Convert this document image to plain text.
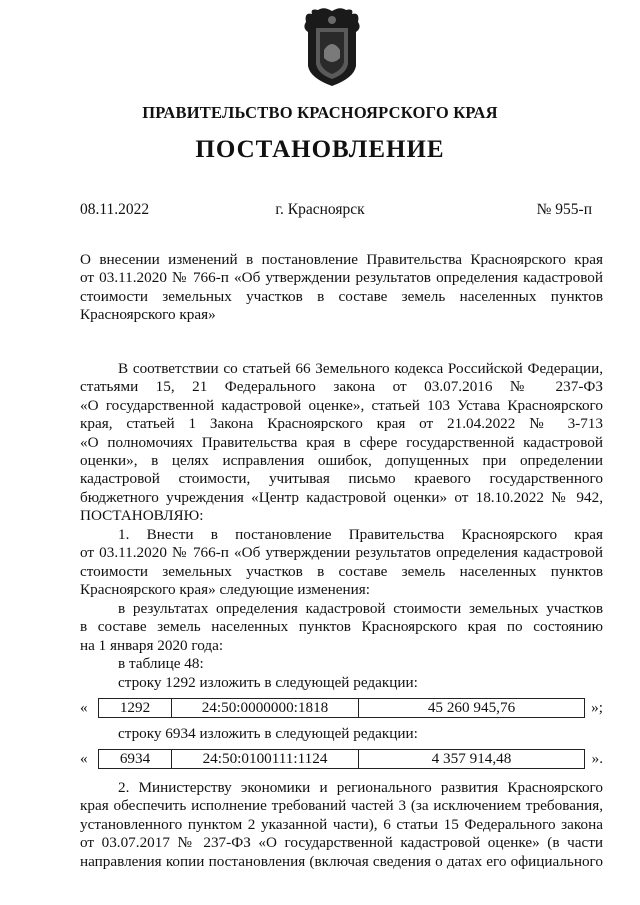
ПРАВИТЕЛЬСТВО КРАСНОЯРСКОГО КРАЯ
ПОСТАНОВЛЕНИЕ
08.11.2022	г. Красноярск	№ 955-п
О внесении изменений в постановление Правительства Красноярского края
от 03.11.2020 № 766-п «Об утверждении результатов определения кадастровой
стоимости земельных участков в составе земель населенных пунктов
Красноярского края»
В соответствии со статьей 66 Земельного кодекса Российской Федерации,
статьями 15, 21 Федерального закона от 03.07.2016 № 237-ФЗ
«О государственной кадастровой оценке», статьей 103 Устава Красноярского
края, статьей 1 Закона Красноярского края от 21.04.2022 № 3-713
«О полномочиях Правительства края в сфере государственной кадастровой
оценки», в целях исправления ошибок, допущенных при определении
кадастровой стоимости, учитывая письмо краевого государственного
бюджетного учреждения «Центр кадастровой оценки» от 18.10.2022 № 942,
ПОСТАНОВЛЯЮ:
1. Внести в постановление Правительства Красноярского края
от 03.11.2020 № 766-п «Об утверждении результатов определения кадастровой
стоимости земельных участков в составе земель населенных пунктов
Красноярского края» следующие изменения:
в результатах определения кадастровой стоимости земельных участков
в составе земель населенных пунктов Красноярского края по состоянию
на 1 января 2020 года:
в таблице 48:
строку 1292 изложить в следующей редакции:
«	1292	24:50:0000000:1818	45 260 945,76	»;
строку 6934 изложить в следующей редакции:
«	6934	24:50:0100111:1124	4 357 914,48	».
2. Министерству экономики и регионального развития Красноярского
края обеспечить исполнение требований частей 3 (за исключением требования,
установленного пунктом 2 указанной части), 6 статьи 15 Федерального закона
от 03.07.2017 № 237-ФЗ «О государственной кадастровой оценке» (в части
направления копии постановления (включая сведения о датах его официального
